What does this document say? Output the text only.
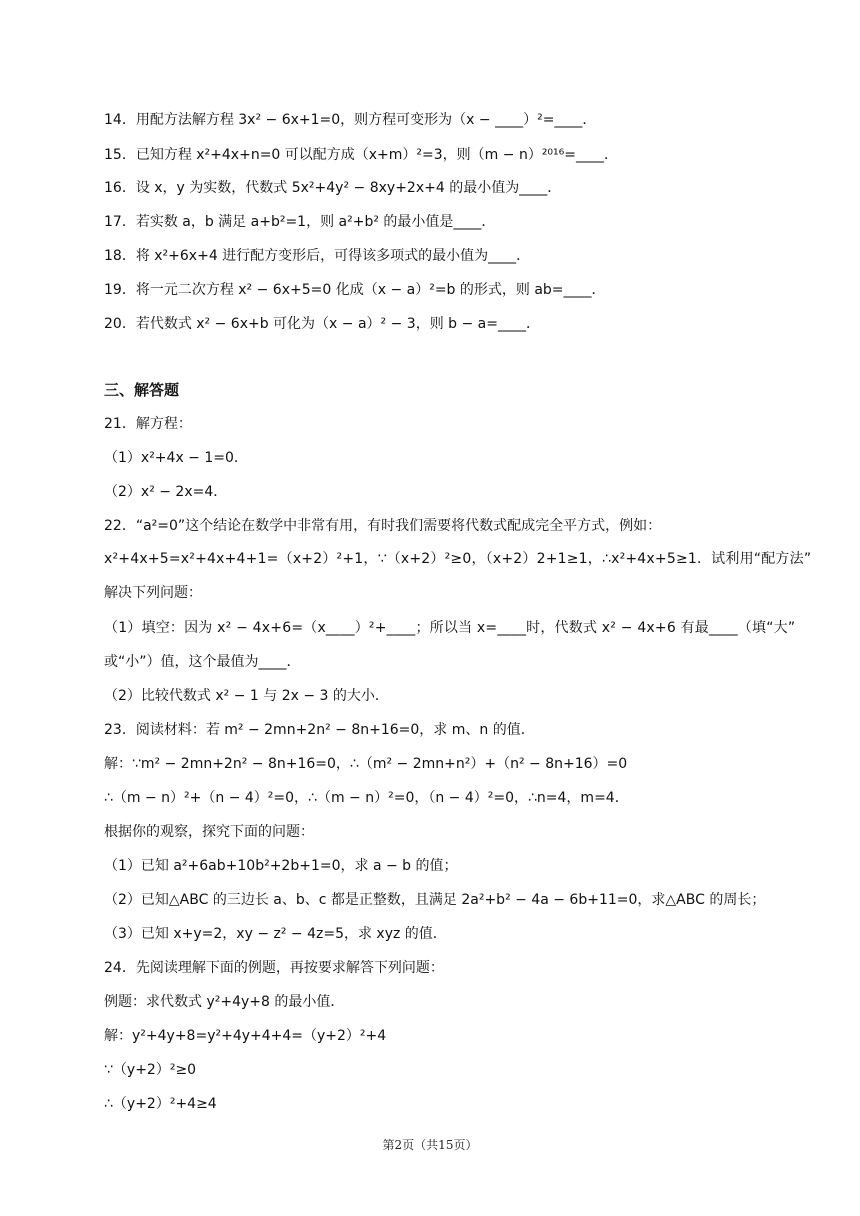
14．用配方法解方程 3x² − 6x+1=0，则方程可变形为（x − ____）²=____．
15．已知方程 x²+4x+n=0 可以配方成（x+m）²=3，则（m − n）²⁰¹⁶=____．
16．设 x，y 为实数，代数式 5x²+4y² − 8xy+2x+4 的最小值为____．
17．若实数 a，b 满足 a+b²=1，则 a²+b² 的最小值是____．
18．将 x²+6x+4 进行配方变形后，可得该多项式的最小值为____．
19．将一元二次方程 x² − 6x+5=0 化成（x − a）²=b 的形式，则 ab=____．
20．若代数式 x² − 6x+b 可化为（x − a）² − 3，则 b − a=____．
三、解答题
21．解方程：
（1）x²+4x − 1=0．
（2）x² − 2x=4．
22．“a²=0”这个结论在数学中非常有用，有时我们需要将代数式配成完全平方式，例如：
x²+4x+5=x²+4x+4+1=（x+2）²+1，∵（x+2）²≥0，（x+2）2+1≥1，∴x²+4x+5≥1．试利用“配方法”
解决下列问题：
（1）填空：因为 x² − 4x+6=（x____）²+____；所以当 x=____时，代数式 x² − 4x+6 有最____（填“大”
或“小”）值，这个最值为____．
（2）比较代数式 x² − 1 与 2x − 3 的大小．
23．阅读材料：若 m² − 2mn+2n² − 8n+16=0，求 m、n 的值．
解：∵m² − 2mn+2n² − 8n+16=0，∴（m² − 2mn+n²）+（n² − 8n+16）=0
∴（m − n）²+（n − 4）²=0，∴（m − n）²=0，（n − 4）²=0，∴n=4，m=4．
根据你的观察，探究下面的问题：
（1）已知 a²+6ab+10b²+2b+1=0，求 a − b 的值；
（2）已知△ABC 的三边长 a、b、c 都是正整数，且满足 2a²+b² − 4a − 6b+11=0，求△ABC 的周长；
（3）已知 x+y=2，xy − z² − 4z=5，求 xyz 的值．
24．先阅读理解下面的例题，再按要求解答下列问题：
例题：求代数式 y²+4y+8 的最小值．
解：y²+4y+8=y²+4y+4+4=（y+2）²+4
∵（y+2）²≥0
∴（y+2）²+4≥4
第2页（共15页）
